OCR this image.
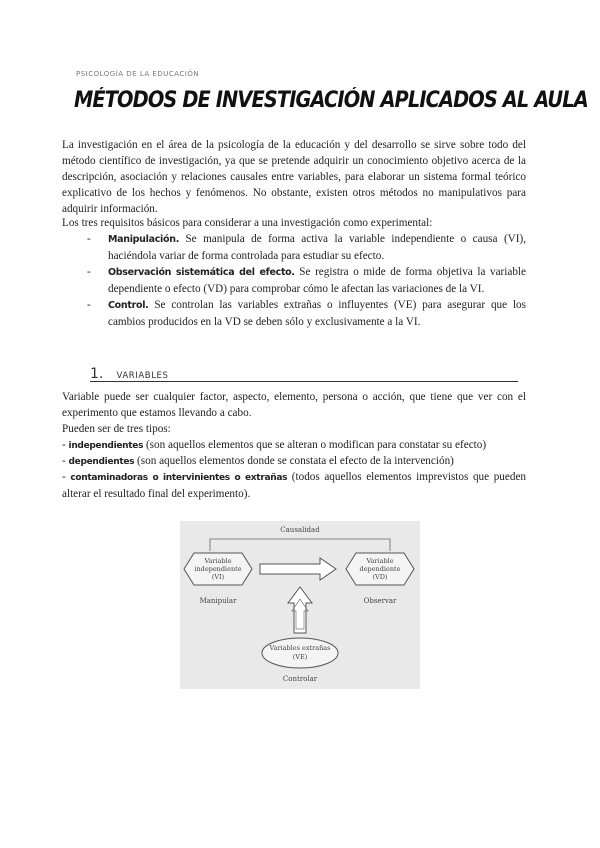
PSICOLOGÍA DE LA EDUCACIÓN
MÉTODOS DE INVESTIGACIÓN APLICADOS AL AULA
La investigación en el área de la psicología de la educación y del desarrollo se sirve sobre todo del método científico de investigación, ya que se pretende adquirir un conocimiento objetivo acerca de la descripción, asociación y relaciones causales entre variables, para elaborar un sistema formal teórico explicativo de los hechos y fenómenos. No obstante, existen otros métodos no manipulativos para adquirir información.
Los tres requisitos básicos para considerar a una investigación como experimental:
- Manipulación. Se manipula de forma activa la variable independiente o causa (VI), haciéndola variar de forma controlada para estudiar su efecto.
- Observación sistemática del efecto. Se registra o mide de forma objetiva la variable dependiente o efecto (VD) para comprobar cómo le afectan las variaciones de la VI.
- Control. Se controlan las variables extrañas o influyentes (VE) para asegurar que los cambios producidos en la VD se deben sólo y exclusivamente a la VI.
1. VARIABLES
Variable puede ser cualquier factor, aspecto, elemento, persona o acción, que tiene que ver con el experimento que estamos llevando a cabo.
Pueden ser de tres tipos:
- independientes (son aquellos elementos que se alteran o modifican para constatar su efecto)
- dependientes (son aquellos elementos donde se constata el efecto de la intervención)
- contaminadoras o intervinientes o extrañas (todos aquellos elementos imprevistos que pueden alterar el resultado final del experimento).
Causalidad
Variable
independiente
(VI)
Variable
dependiente
(VD)
Manipular	Observar
Variables extrañas
(VE)
Controlar
